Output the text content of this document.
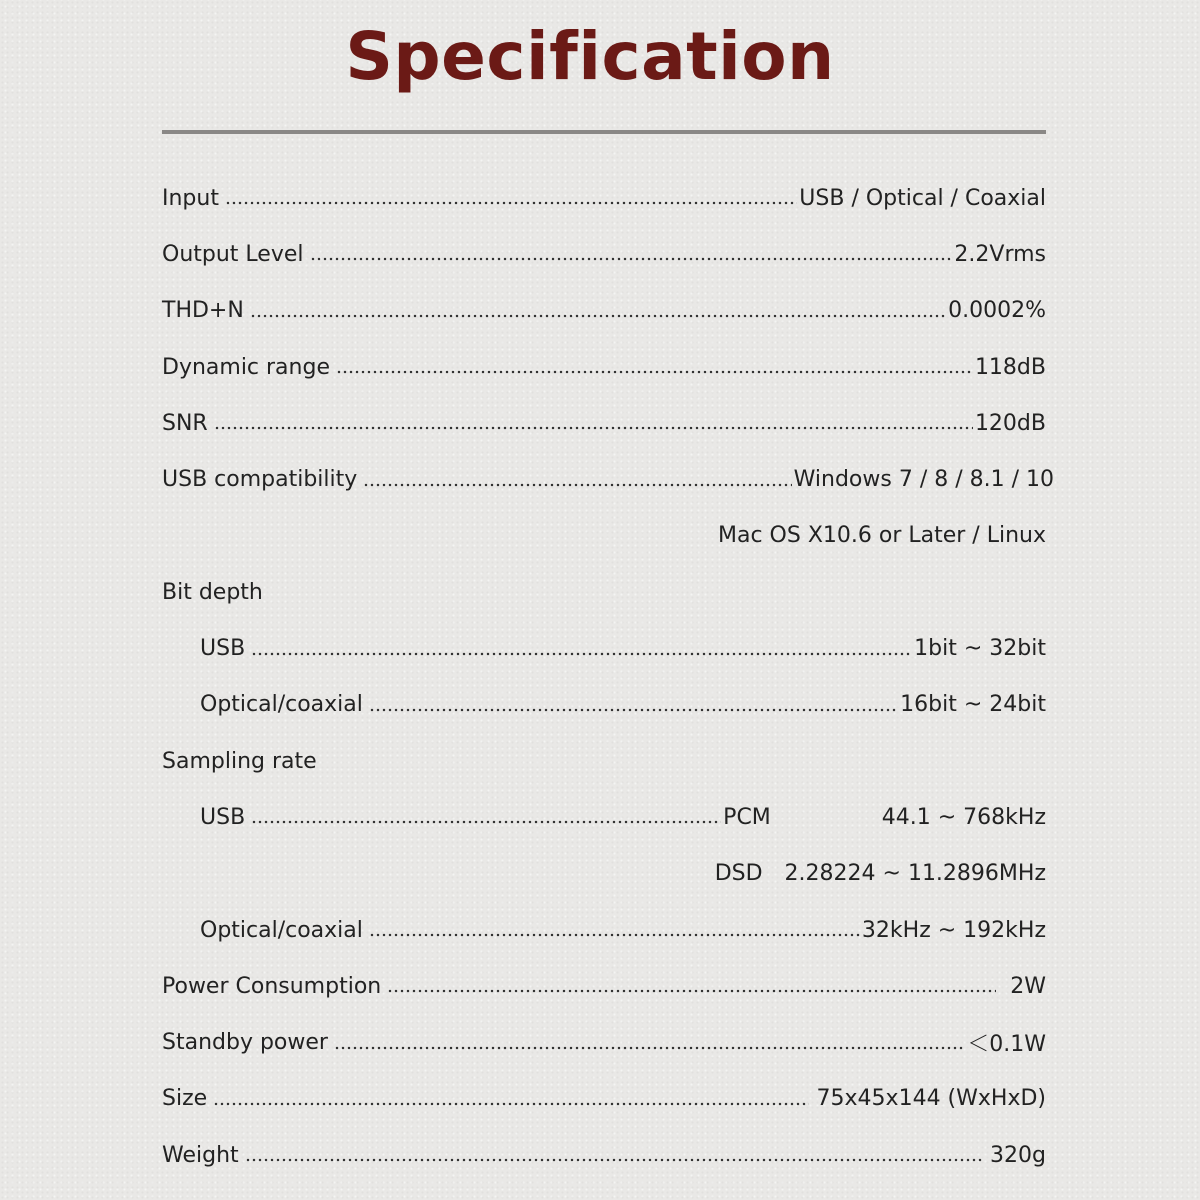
Specification
Input	USB / Optical / Coaxial
Output Level	2.2Vrms
THD+N	0.0002%
Dynamic range	118dB
SNR	120dB
USB compatibility	Windows 7 / 8 / 8.1 / 10
Mac OS X10.6 or Later / Linux
Bit depth
USB	1bit ~ 32bit
Optical/coaxial	16bit ~ 24bit
Sampling rate
USB	PCM	44.1 ~ 768kHz
DSD	2.28224 ~ 11.2896MHz
Optical/coaxial	32kHz ~ 192kHz
Power Consumption	2W
Standby power	＜0.1W
Size	75x45x144 (WxHxD)
Weight	320g
